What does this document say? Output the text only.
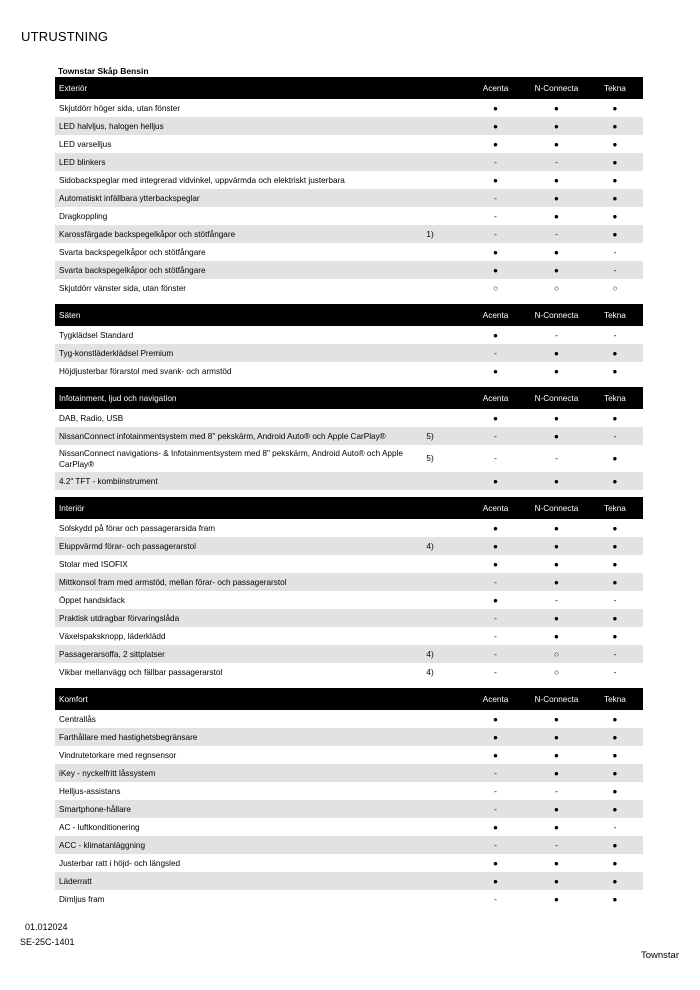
UTRUSTNING
Townstar Skåp Bensin
Exteriör	Acenta	N-Connecta	Tekna
Skjutdörr höger sida, utan fönster	●	●	●
LED halvljus, halogen helljus	●	●	●
LED varselljus	●	●	●
LED blinkers	-	-	●
Sidobackspeglar med integrerad vidvinkel, uppvärmda och elektriskt justerbara	●	●	●
Automatiskt infällbara ytterbackspeglar	-	●	●
Dragkoppling	-	●	●
Karossfärgade backspegelkåpor och stötfångare	1)	-	-	●
Svarta backspegelkåpor och stötfångare	●	●	-
Svarta backspegelkåpor och stötfångare	●	●	-
Skjutdörr vänster sida, utan fönster	○	○	○
Säten	Acenta	N-Connecta	Tekna
Tygklädsel Standard	●	-	-
Tyg-konstläderklädsel Premium	-	●	●
Höjdjusterbar förarstol med svank- och armstöd	●	●	●
Infotainment, ljud och navigation	Acenta	N-Connecta	Tekna
DAB, Radio, USB	●	●	●
NissanConnect infotainmentsystem med 8" pekskärm, Android Auto® och Apple CarPlay®	5)	-	●	-
NissanConnect navigations- & Infotainmentsystem med 8" pekskärm, Android Auto® och Apple CarPlay®
5)	-	-	●
4.2" TFT - kombiinstrument	●	●	●
Interiör	Acenta	N-Connecta	Tekna
Solskydd på förar och passagerarsida fram	●	●	●
Eluppvärmd förar- och passagerarstol	4)	●	●	●
Stolar med ISOFIX	●	●	●
Mittkonsol fram med armstöd, mellan förar- och passagerarstol	-	●	●
Öppet handskfack	●	-	-
Praktisk utdragbar förvaringslåda	-	●	●
Växelspaksknopp, läderklädd	-	●	●
Passagerarsoffa, 2 sittplatser	4)	-	○	-
Vikbar mellanvägg och fällbar passagerarstol	4)	-	○	-
Komfort	Acenta	N-Connecta	Tekna
Centrallås	●	●	●
Farthållare med hastighetsbegränsare	●	●	●
Vindrutetorkare med regnsensor	●	●	●
iKey - nyckelfritt låssystem	-	●	●
Helljus-assistans	-	-	●
Smartphone-hållare	-	●	●
AC - luftkonditionering	●	●	-
ACC - klimatanläggning	-	-	●
Justerbar ratt i höjd- och längsled	●	●	●
Läderratt	●	●	●
Dimljus fram	-	●	●
01.012024
SE-25C-1401
Townstar
